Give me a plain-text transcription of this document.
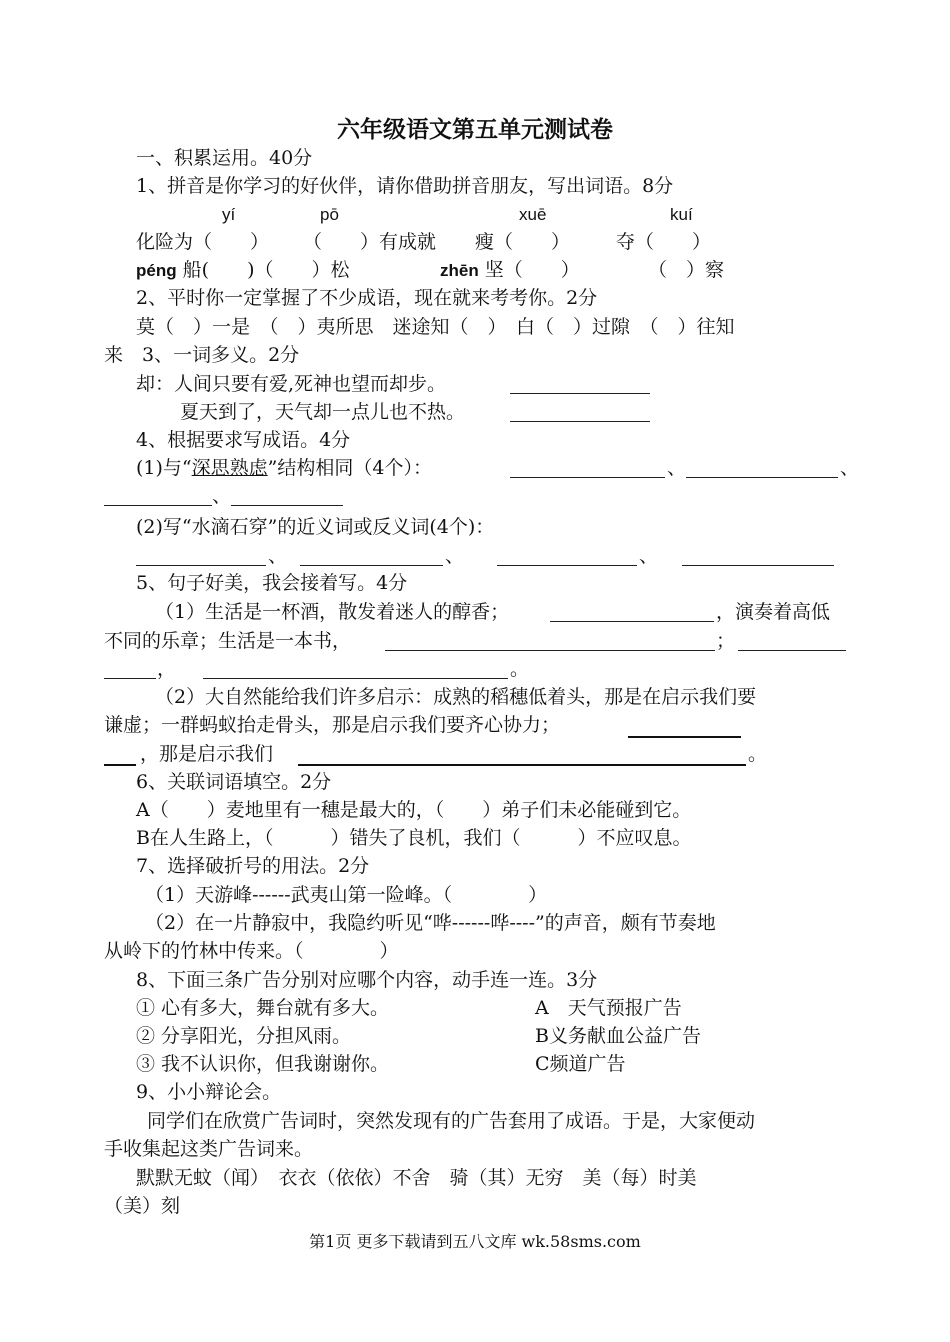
六年级语文第五单元测试卷
一、积累运用。40分
1、拼音是你学习的好伙伴，请你借助拼音朋友，写出词语。8分
yí	pō	xuē	kuí
化险为（　　） （　　）有成就 瘦（　　） 夺（　　）
péng 船(　　)（　　）松	zhēn 坚（　　）	（　）察
2、平时你一定掌握了不少成语，现在就来考考你。2分
莫（　）一是　（　）夷所思　迷途知（　）　白（　）过隙　（　）往知
来　3、一词多义。2分
却：人间只要有爱,死神也望而却步。
夏天到了，天气却一点儿也不热。
4、根据要求写成语。4分
(1)与“深思熟虑”结构相同（4个）：	、	、
、
(2)写“水滴石穿”的近义词或反义词(4个)：
、	、	、
5、句子好美，我会接着写。4分
（1）生活是一杯酒，散发着迷人的醇香；	，演奏着高低
不同的乐章；生活是一本书，	；
，	。
（2）大自然能给我们许多启示：成熟的稻穗低着头，那是在启示我们要
谦虚；一群蚂蚁抬走骨头，那是启示我们要齐心协力；
，那是启示我们	。
6、关联词语填空。2分
A（　　）麦地里有一穗是最大的，（　　）弟子们未必能碰到它。
B在人生路上，（　　　）错失了良机，我们（　　　）不应叹息。
7、选择破折号的用法。2分
（1）天游峰------武夷山第一险峰。（　　　　）
（2）在一片静寂中，我隐约听见“哗------哗----”的声音，颇有节奏地
从岭下的竹林中传来。（　　　　）
8、下面三条广告分别对应哪个内容，动手连一连。3分
① 心有多大，舞台就有多大。	A　天气预报广告
② 分享阳光，分担风雨。	B义务献血公益广告
③ 我不认识你，但我谢谢你。	C频道广告
9、小小辩论会。
同学们在欣赏广告词时，突然发现有的广告套用了成语。于是，大家便动
手收集起这类广告词来。
默默无蚊（闻）　衣衣（依依）不舍　骑（其）无穷　美（每）时美
（美）刻
第1页 更多下载请到五八文库 wk.58sms.com
